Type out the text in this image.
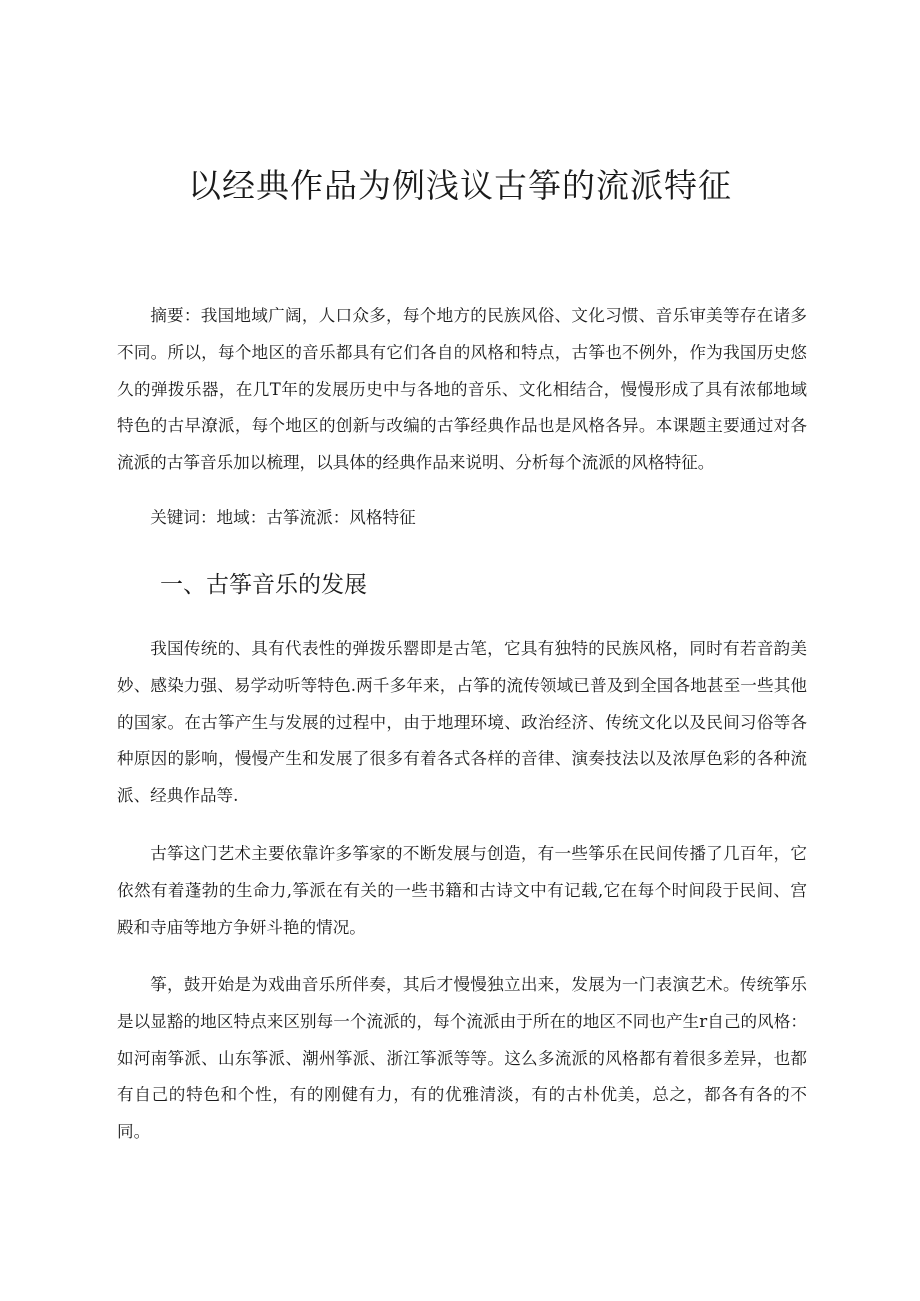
以经典作品为例浅议古筝的流派特征

摘要：我国地域广阔，人口众多，每个地方的民族风俗、文化习惯、音乐审美等存在诸多不同。所以，每个地区的音乐都具有它们各自的风格和特点，古筝也不例外，作为我国历史悠久的弹拨乐器，在几T年的发展历史中与各地的音乐、文化相结合，慢慢形成了具有浓郁地域特色的古早潦派，每个地区的创新与改编的古筝经典作品也是风格各异。本课题主要通过对各流派的古筝音乐加以梳理，以具体的经典作品来说明、分析每个流派的风格特征。

关键词：地域：古筝流派：风格特征

一、古筝音乐的发展

我国传统的、具有代表性的弹拨乐罂即是古笔，它具有独特的民族风格，同时有若音韵美妙、感染力强、易学动听等特色.两千多年来，占筝的流传领域已普及到全国各地甚至一些其他的国家。在古筝产生与发展的过程中，由于地理环境、政治经济、传统文化以及民间习俗等各种原因的影响，慢慢产生和发展了很多有着各式各样的音律、演奏技法以及浓厚色彩的各种流派、经典作品等.

古筝这门艺术主要依靠许多筝家的不断发展与创造，有一些筝乐在民间传播了几百年，它依然有着蓬勃的生命力,筝派在有关的一些书籍和古诗文中有记载,它在每个时间段于民间、宫殿和寺庙等地方争妍斗艳的情况。

筝，鼓开始是为戏曲音乐所伴奏，其后才慢慢独立出来，发展为一门表演艺术。传统筝乐是以显豁的地区特点来区别每一个流派的，每个流派由于所在的地区不同也产生r自己的风格：如河南筝派、山东筝派、潮州筝派、浙江筝派等等。这么多流派的风格都有着很多差异，也都有自己的特色和个性，有的刚健有力，有的优雅清淡，有的古朴优美，总之，都各有各的不同。
